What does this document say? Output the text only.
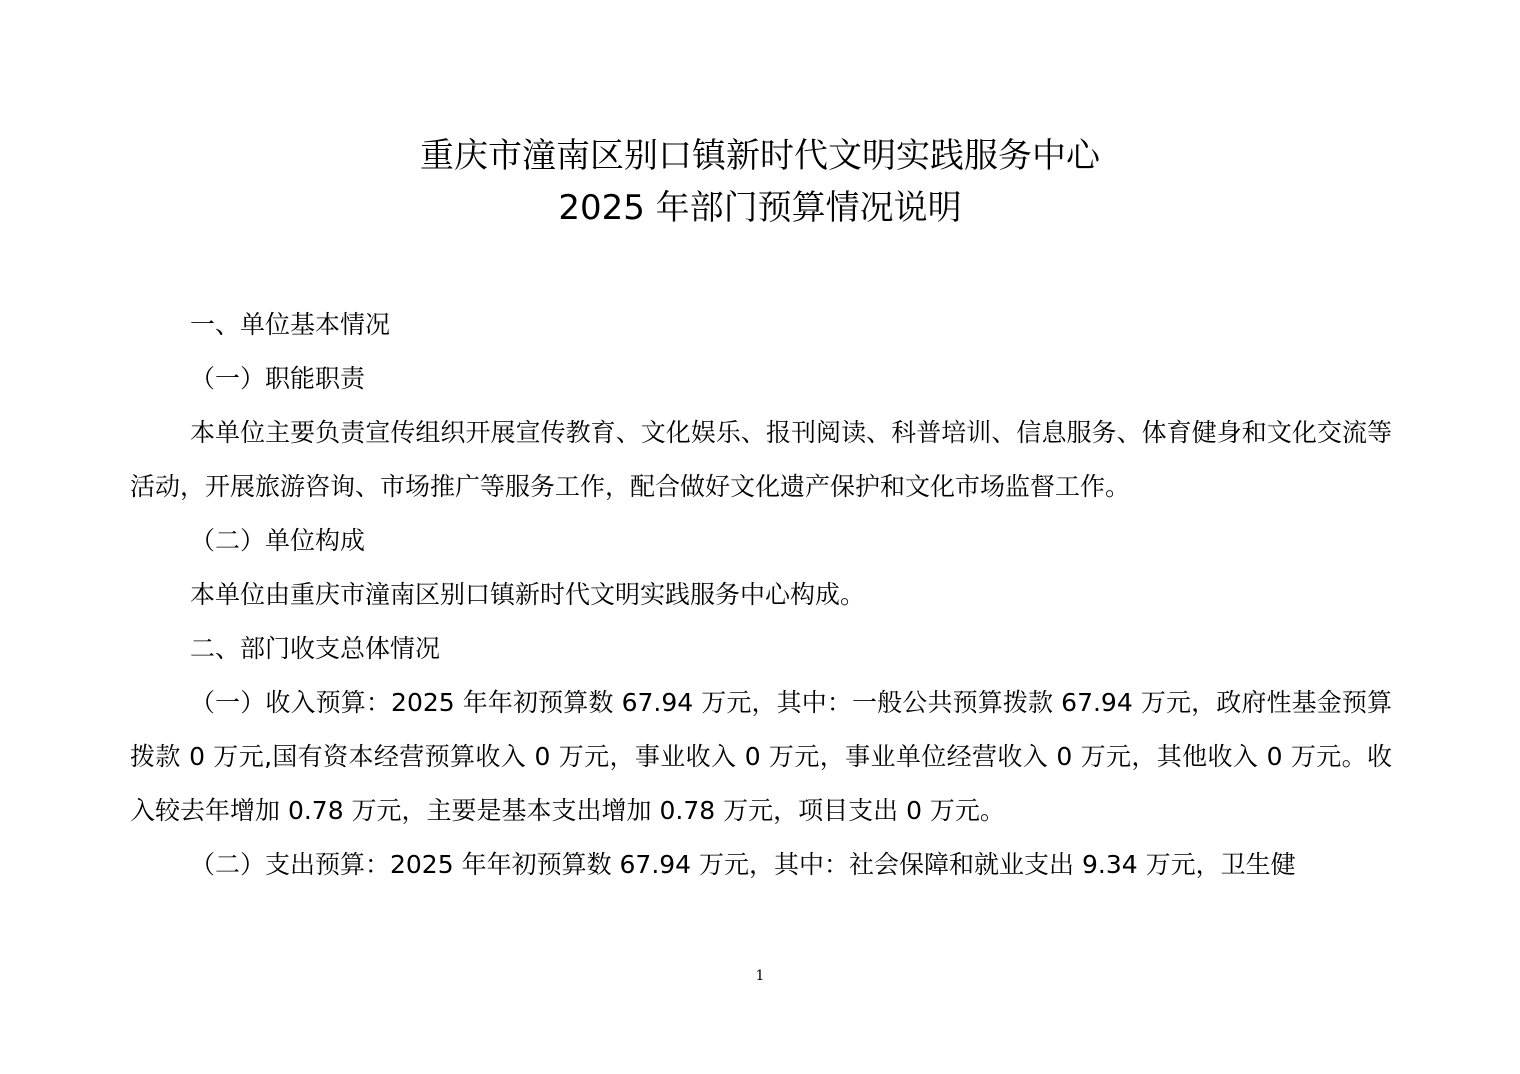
重庆市潼南区别口镇新时代文明实践服务中心
2025 年部门预算情况说明

一、单位基本情况

（一）职能职责

本单位主要负责宣传组织开展宣传教育、文化娱乐、报刊阅读、科普培训、信息服务、体育健身和文化交流等活动，开展旅游咨询、市场推广等服务工作，配合做好文化遗产保护和文化市场监督工作。

（二）单位构成

本单位由重庆市潼南区别口镇新时代文明实践服务中心构成。

二、部门收支总体情况

（一）收入预算：2025 年年初预算数 67.94 万元，其中：一般公共预算拨款 67.94 万元，政府性基金预算拨款 0 万元,国有资本经营预算收入 0 万元，事业收入 0 万元，事业单位经营收入 0 万元，其他收入 0 万元。收入较去年增加 0.78 万元，主要是基本支出增加 0.78 万元，项目支出 0 万元。

（二）支出预算：2025 年年初预算数 67.94 万元，其中：社会保障和就业支出 9.34 万元，卫生健

1
